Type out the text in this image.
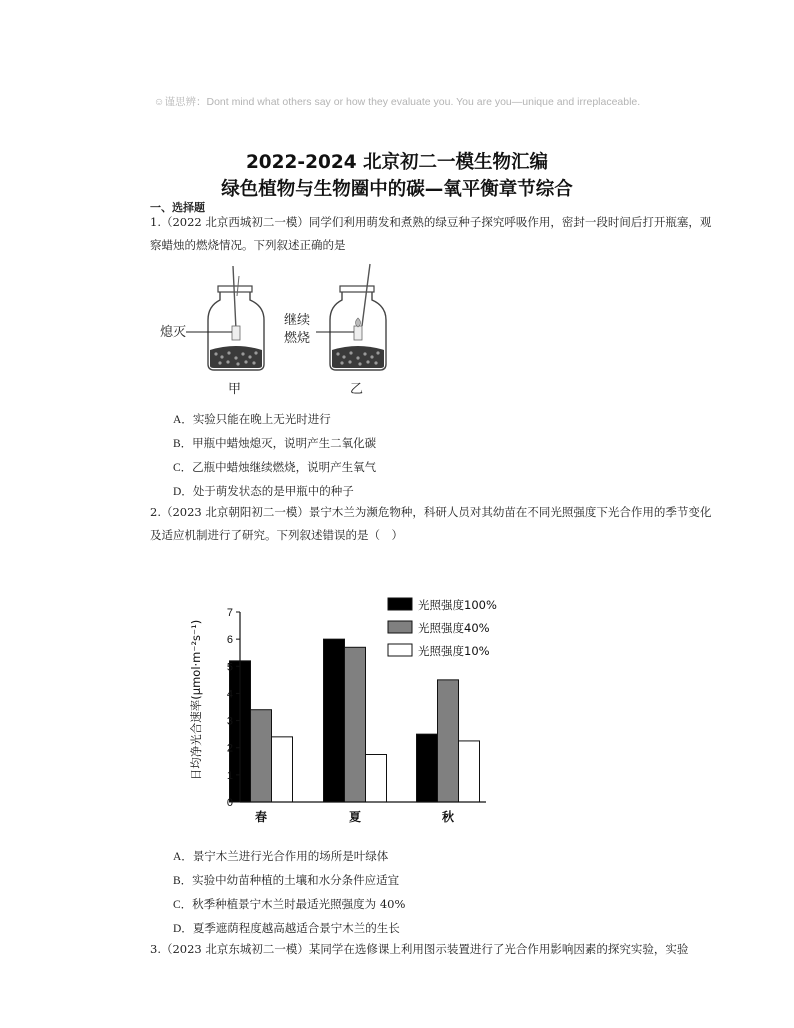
☺谨思辨：Dont mind what others say or how they evaluate you. You are you—unique and irreplaceable.
2022-2024 北京初二一模生物汇编
绿色植物与生物圈中的碳—氧平衡章节综合
一、选择题
1.（2022 北京西城初二一模）同学们利用萌发和煮熟的绿豆种子探究呼吸作用，密封一段时间后打开瓶塞，观察蜡烛的燃烧情况。下列叙述正确的是
熄灭
甲
继续
燃烧
乙
A．实验只能在晚上无光时进行
B．甲瓶中蜡烛熄灭，说明产生二氧化碳
C．乙瓶中蜡烛继续燃烧，说明产生氧气
D．处于萌发状态的是甲瓶中的种子
2.（2023 北京朝阳初二一模）景宁木兰为濒危物种，科研人员对其幼苗在不同光照强度下光合作用的季节变化及适应机制进行了研究。下列叙述错误的是（　）
0
1
2
3
4
5
6
7
春	夏	秋
光照强度100%
光照强度40%
光照强度10%
日均净光合速率(μmol·m⁻²s⁻¹)
A．景宁木兰进行光合作用的场所是叶绿体
B．实验中幼苗种植的土壤和水分条件应适宜
C．秋季种植景宁木兰时最适光照强度为 40%
D．夏季遮荫程度越高越适合景宁木兰的生长
3.（2023 北京东城初二一模）某同学在选修课上利用图示装置进行了光合作用影响因素的探究实验，实验
